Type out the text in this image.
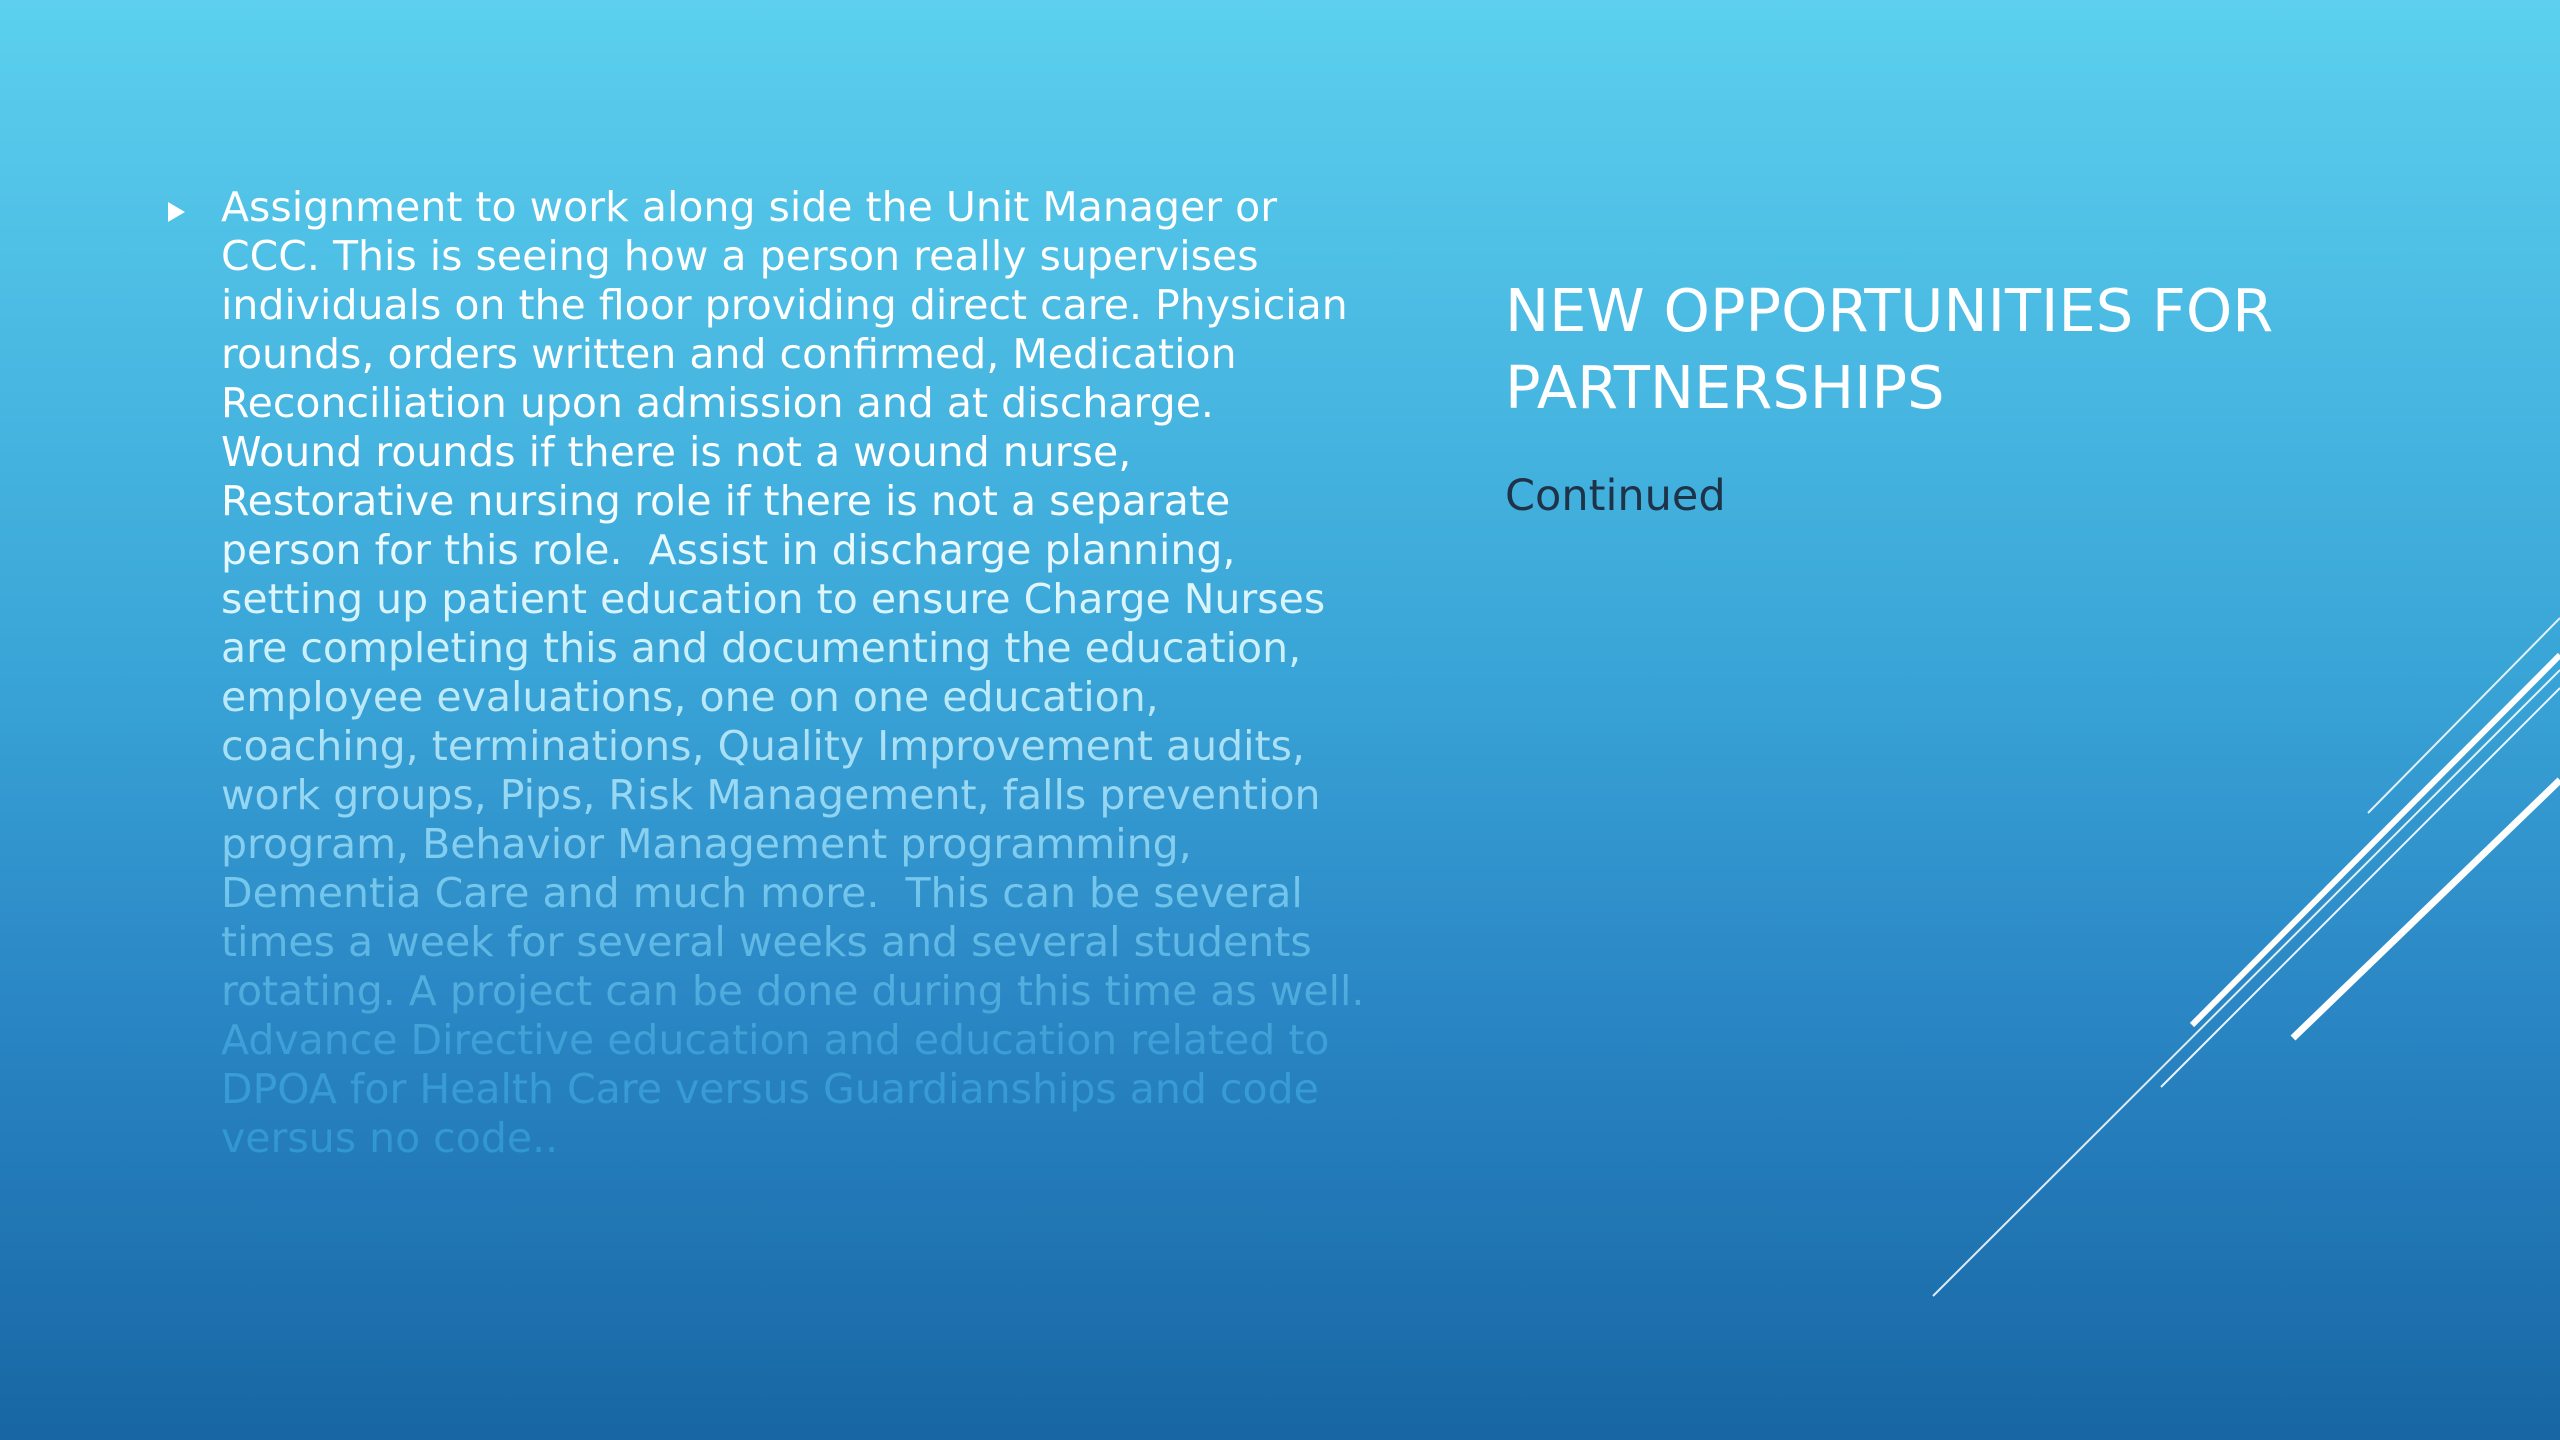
Assignment to work along side the Unit Manager or CCC. This is seeing how a person really supervises individuals on the floor providing direct care. Physician rounds, orders written and confirmed, Medication Reconciliation upon admission and at discharge. Wound rounds if there is not a wound nurse, Restorative nursing role if there is not a separate person for this role.  Assist in discharge planning, setting up patient education to ensure Charge Nurses are completing this and documenting the education, employee evaluations, one on one education, coaching, terminations, Quality Improvement audits, work groups, Pips, Risk Management, falls prevention program, Behavior Management programming, Dementia Care and much more.  This can be several times a week for several weeks and several students rotating. A project can be done during this time as well.  Advance Directive education and education related to DPOA for Health Care versus Guardianships and code versus no code..

NEW OPPORTUNITIES FOR PARTNERSHIPS

Continued
